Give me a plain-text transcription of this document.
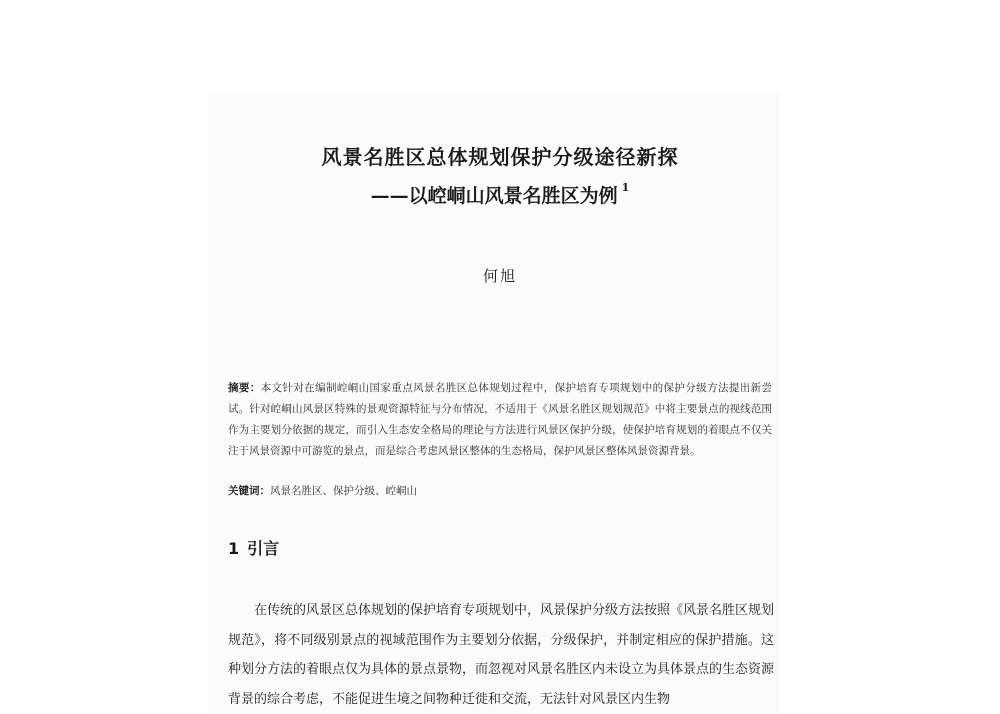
风景名胜区总体规划保护分级途径新探
——以崆峒山风景名胜区为例 $^1$

何旭

摘要：本文针对在编制崆峒山国家重点风景名胜区总体规划过程中，保护培育专项规划中的保护分级方法提出新尝试。针对崆峒山风景区特殊的景观资源特征与分布情况，不适用于《风景名胜区规划规范》中将主要景点的视线范围作为主要划分依据的规定，而引入生态安全格局的理论与方法进行风景区保护分级，使保护培育规划的着眼点不仅关注于风景资源中可游览的景点，而是综合考虑风景区整体的生态格局，保护风景区整体风景资源背景。

关键词：风景名胜区、保护分级、崆峒山

1 引言

在传统的风景区总体规划的保护培育专项规划中，风景保护分级方法按照《风景名胜区规划规范》，将不同级别景点的视域范围作为主要划分依据，分级保护，并制定相应的保护措施。这种划分方法的着眼点仅为具体的景点景物，而忽视对风景名胜区内未设立为具体景点的生态资源背景的综合考虑，不能促进生境之间物种迁徙和交流，无法针对风景区内生物
